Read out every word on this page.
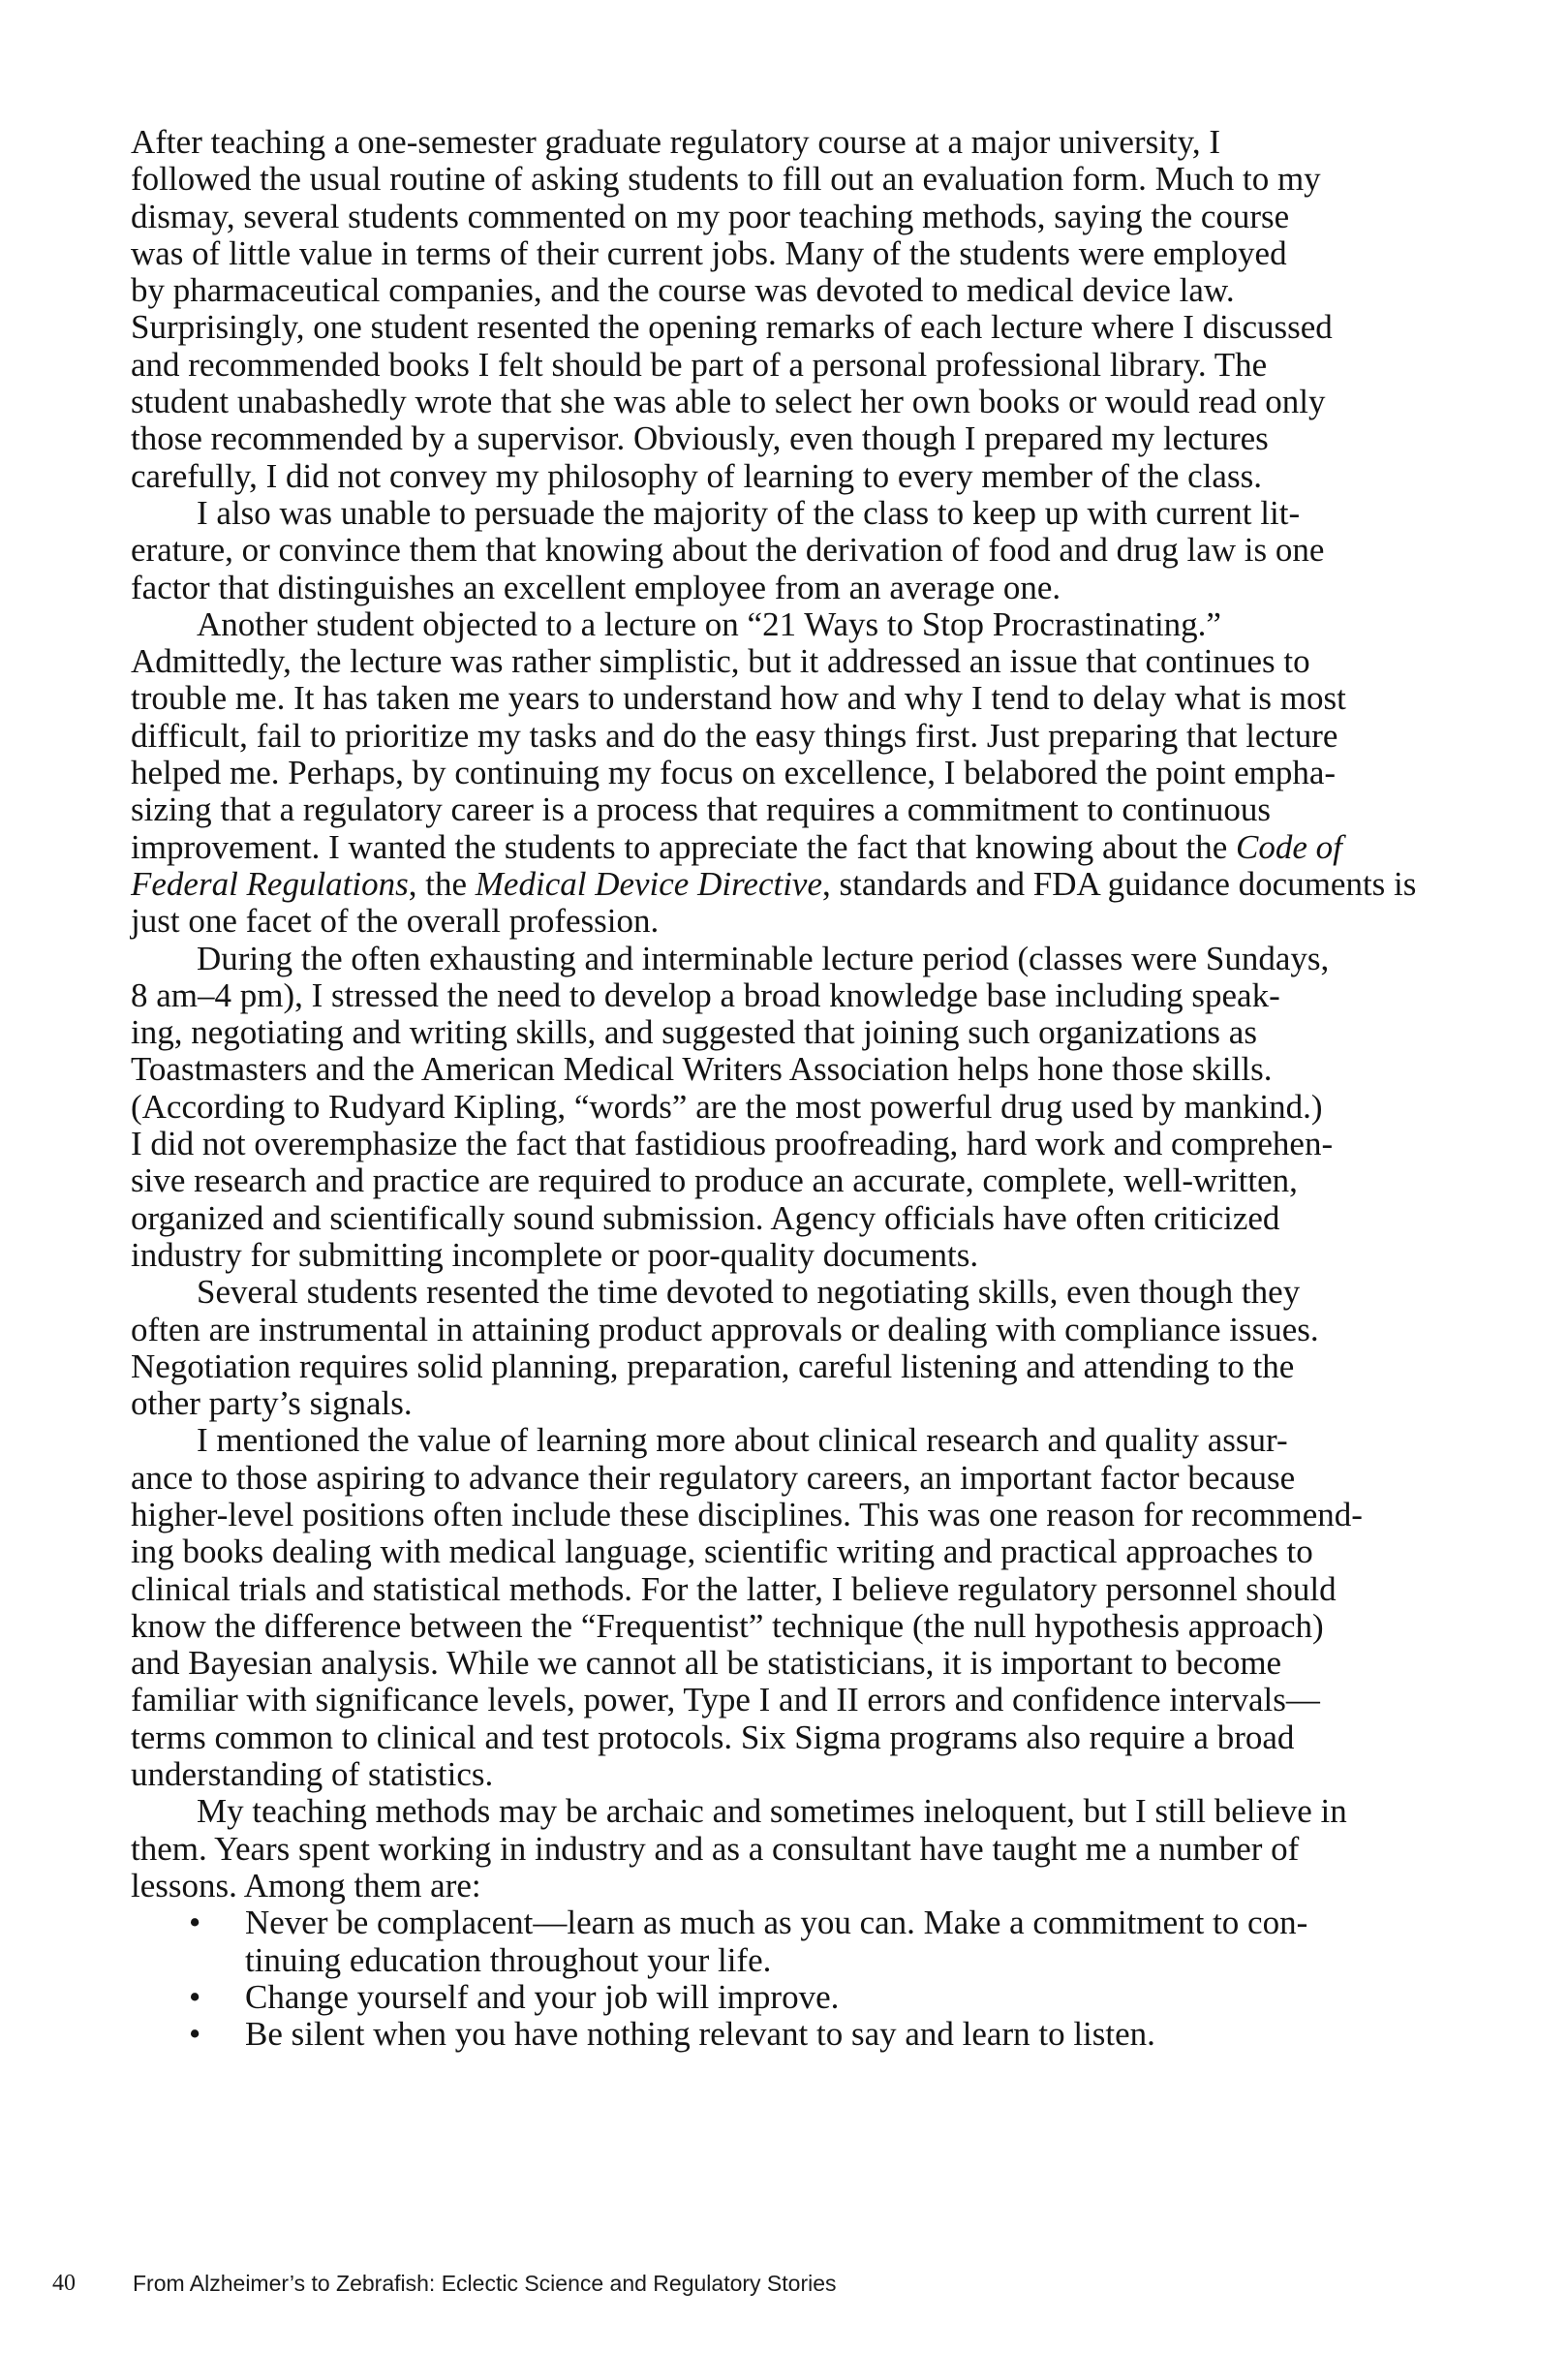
After teaching a one-semester graduate regulatory course at a major university, I
followed the usual routine of asking students to fill out an evaluation form. Much to my
dismay, several students commented on my poor teaching methods, saying the course
was of little value in terms of their current jobs. Many of the students were employed
by pharmaceutical companies, and the course was devoted to medical device law.
Surprisingly, one student resented the opening remarks of each lecture where I discussed
and recommended books I felt should be part of a personal professional library. The
student unabashedly wrote that she was able to select her own books or would read only
those recommended by a supervisor. Obviously, even though I prepared my lectures
carefully, I did not convey my philosophy of learning to every member of the class.
I also was unable to persuade the majority of the class to keep up with current lit-
erature, or convince them that knowing about the derivation of food and drug law is one
factor that distinguishes an excellent employee from an average one.
Another student objected to a lecture on “21 Ways to Stop Procrastinating.”
Admittedly, the lecture was rather simplistic, but it addressed an issue that continues to
trouble me. It has taken me years to understand how and why I tend to delay what is most
difficult, fail to prioritize my tasks and do the easy things first. Just preparing that lecture
helped me. Perhaps, by continuing my focus on excellence, I belabored the point empha-
sizing that a regulatory career is a process that requires a commitment to continuous
improvement. I wanted the students to appreciate the fact that knowing about the Code of
Federal Regulations, the Medical Device Directive, standards and FDA guidance documents is
just one facet of the overall profession.
During the often exhausting and interminable lecture period (classes were Sundays,
8 am–4 pm), I stressed the need to develop a broad knowledge base including speak-
ing, negotiating and writing skills, and suggested that joining such organizations as
Toastmasters and the American Medical Writers Association helps hone those skills.
(According to Rudyard Kipling, “words” are the most powerful drug used by mankind.)
I did not overemphasize the fact that fastidious proofreading, hard work and comprehen-
sive research and practice are required to produce an accurate, complete, well-written,
organized and scientifically sound submission. Agency officials have often criticized
industry for submitting incomplete or poor-quality documents.
Several students resented the time devoted to negotiating skills, even though they
often are instrumental in attaining product approvals or dealing with compliance issues.
Negotiation requires solid planning, preparation, careful listening and attending to the
other party’s signals.
I mentioned the value of learning more about clinical research and quality assur-
ance to those aspiring to advance their regulatory careers, an important factor because
higher-level positions often include these disciplines. This was one reason for recommend-
ing books dealing with medical language, scientific writing and practical approaches to
clinical trials and statistical methods. For the latter, I believe regulatory personnel should
know the difference between the “Frequentist” technique (the null hypothesis approach)
and Bayesian analysis. While we cannot all be statisticians, it is important to become
familiar with significance levels, power, Type I and II errors and confidence intervals—
terms common to clinical and test protocols. Six Sigma programs also require a broad
understanding of statistics.
My teaching methods may be archaic and sometimes ineloquent, but I still believe in
them. Years spent working in industry and as a consultant have taught me a number of
lessons. Among them are:
• Never be complacent—learn as much as you can. Make a commitment to con-
tinuing education throughout your life.
• Change yourself and your job will improve.
• Be silent when you have nothing relevant to say and learn to listen.
40	From Alzheimer’s to Zebrafish: Eclectic Science and Regulatory Stories
